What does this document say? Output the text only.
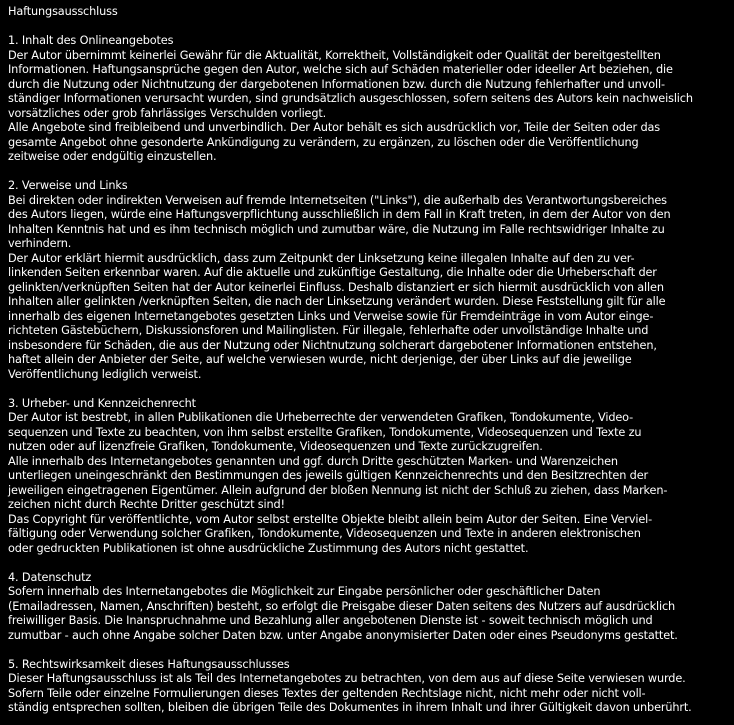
Haftungsausschluss
1. Inhalt des Onlineangebotes
Der Autor übernimmt keinerlei Gewähr für die Aktualität, Korrektheit, Vollständigkeit oder Qualität der bereitgestellten
Informationen. Haftungsansprüche gegen den Autor, welche sich auf Schäden materieller oder ideeller Art beziehen, die
durch die Nutzung oder Nichtnutzung der dargebotenen Informationen bzw. durch die Nutzung fehlerhafter und unvoll-
ständiger Informationen verursacht wurden, sind grundsätzlich ausgeschlossen, sofern seitens des Autors kein nachweislich
vorsätzliches oder grob fahrlässiges Verschulden vorliegt.
Alle Angebote sind freibleibend und unverbindlich. Der Autor behält es sich ausdrücklich vor, Teile der Seiten oder das
gesamte Angebot ohne gesonderte Ankündigung zu verändern, zu ergänzen, zu löschen oder die Veröffentlichung
zeitweise oder endgültig einzustellen.
2. Verweise und Links
Bei direkten oder indirekten Verweisen auf fremde Internetseiten ("Links"), die außerhalb des Verantwortungsbereiches
des Autors liegen, würde eine Haftungsverpflichtung ausschließlich in dem Fall in Kraft treten, in dem der Autor von den
Inhalten Kenntnis hat und es ihm technisch möglich und zumutbar wäre, die Nutzung im Falle rechtswidriger Inhalte zu
verhindern.
Der Autor erklärt hiermit ausdrücklich, dass zum Zeitpunkt der Linksetzung keine illegalen Inhalte auf den zu ver-
linkenden Seiten erkennbar waren. Auf die aktuelle und zukünftige Gestaltung, die Inhalte oder die Urheberschaft der
gelinkten/verknüpften Seiten hat der Autor keinerlei Einfluss. Deshalb distanziert er sich hiermit ausdrücklich von allen
Inhalten aller gelinkten /verknüpften Seiten, die nach der Linksetzung verändert wurden. Diese Feststellung gilt für alle
innerhalb des eigenen Internetangebotes gesetzten Links und Verweise sowie für Fremdeinträge in vom Autor einge-
richteten Gästebüchern, Diskussionsforen und Mailinglisten. Für illegale, fehlerhafte oder unvollständige Inhalte und
insbesondere für Schäden, die aus der Nutzung oder Nichtnutzung solcherart dargebotener Informationen entstehen,
haftet allein der Anbieter der Seite, auf welche verwiesen wurde, nicht derjenige, der über Links auf die jeweilige
Veröffentlichung lediglich verweist.
3. Urheber- und Kennzeichenrecht
Der Autor ist bestrebt, in allen Publikationen die Urheberrechte der verwendeten Grafiken, Tondokumente, Video-
sequenzen und Texte zu beachten, von ihm selbst erstellte Grafiken, Tondokumente, Videosequenzen und Texte zu
nutzen oder auf lizenzfreie Grafiken, Tondokumente, Videosequenzen und Texte zurückzugreifen.
Alle innerhalb des Internetangebotes genannten und ggf. durch Dritte geschützten Marken- und Warenzeichen
unterliegen uneingeschränkt den Bestimmungen des jeweils gültigen Kennzeichenrechts und den Besitzrechten der
jeweiligen eingetragenen Eigentümer. Allein aufgrund der bloßen Nennung ist nicht der Schluß zu ziehen, dass Marken-
zeichen nicht durch Rechte Dritter geschützt sind!
Das Copyright für veröffentlichte, vom Autor selbst erstellte Objekte bleibt allein beim Autor der Seiten. Eine Verviel-
fältigung oder Verwendung solcher Grafiken, Tondokumente, Videosequenzen und Texte in anderen elektronischen
oder gedruckten Publikationen ist ohne ausdrückliche Zustimmung des Autors nicht gestattet.
4. Datenschutz
Sofern innerhalb des Internetangebotes die Möglichkeit zur Eingabe persönlicher oder geschäftlicher Daten
(Emailadressen, Namen, Anschriften) besteht, so erfolgt die Preisgabe dieser Daten seitens des Nutzers auf ausdrücklich
freiwilliger Basis. Die Inanspruchnahme und Bezahlung aller angebotenen Dienste ist - soweit technisch möglich und
zumutbar - auch ohne Angabe solcher Daten bzw. unter Angabe anonymisierter Daten oder eines Pseudonyms gestattet.
5. Rechtswirksamkeit dieses Haftungsausschlusses
Dieser Haftungsausschluss ist als Teil des Internetangebotes zu betrachten, von dem aus auf diese Seite verwiesen wurde.
Sofern Teile oder einzelne Formulierungen dieses Textes der geltenden Rechtslage nicht, nicht mehr oder nicht voll-
ständig entsprechen sollten, bleiben die übrigen Teile des Dokumentes in ihrem Inhalt und ihrer Gültigkeit davon unberührt.
